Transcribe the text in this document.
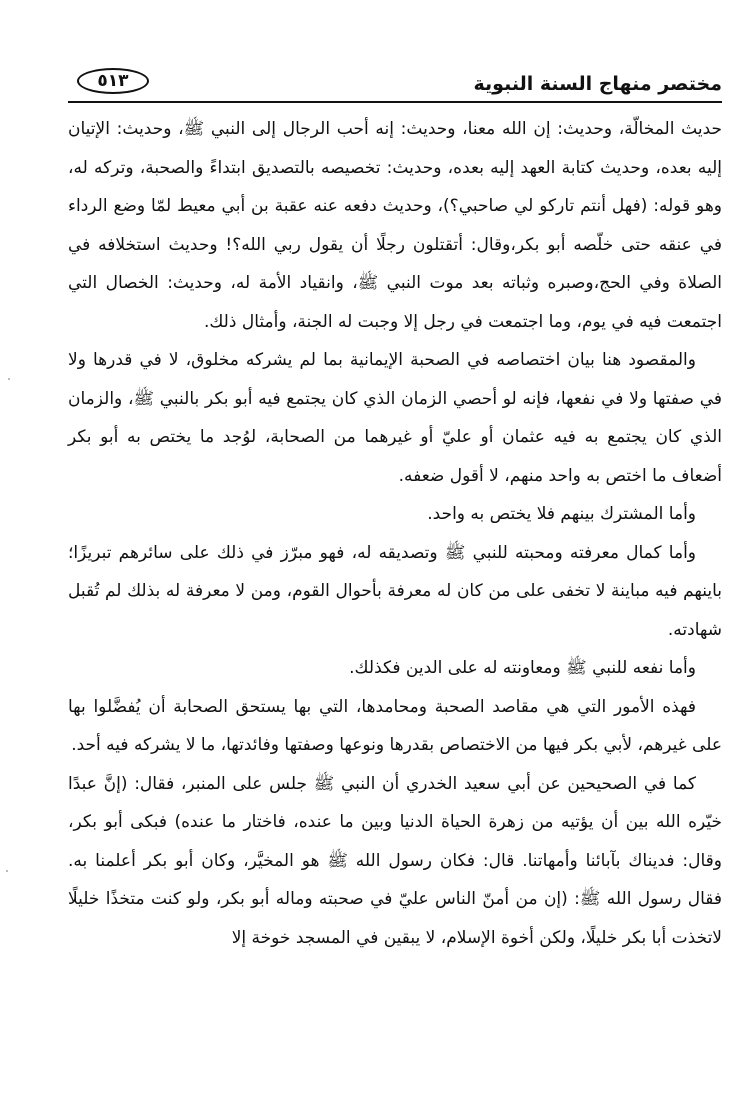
مختصر منهاج السنة النبوية
٥١٣

حديث المخالّة، وحديث: إن الله معنا، وحديث: إنه أحب الرجال إلى النبي ﷺ، وحديث: الإتيان إليه بعده، وحديث كتابة العهد إليه بعده، وحديث: تخصيصه بالتصديق ابتداءً والصحبة، وتركه له، وهو قوله: (فهل أنتم تاركو لي صاحبي؟)، وحديث دفعه عنه عقبة بن أبي معيط لمّا وضع الرداء في عنقه حتى خلّصه أبو بكر،وقال: أتقتلون رجلًا أن يقول ربي الله؟! وحديث استخلافه في الصلاة وفي الحج،وصبره وثباته بعد موت النبي ﷺ، وانقياد الأمة له، وحديث: الخصال التي اجتمعت فيه في يوم، وما اجتمعت في رجل إلا وجبت له الجنة، وأمثال ذلك.

والمقصود هنا بيان اختصاصه في الصحبة الإيمانية بما لم يشركه مخلوق، لا في قدرها ولا في صفتها ولا في نفعها، فإنه لو أحصي الزمان الذي كان يجتمع فيه أبو بكر بالنبي ﷺ، والزمان الذي كان يجتمع به فيه عثمان أو عليّ أو غيرهما من الصحابة، لوُجد ما يختص به أبو بكر أضعاف ما اختص به واحد منهم، لا أقول ضعفه.

وأما المشترك بينهم فلا يختص به واحد.

وأما كمال معرفته ومحبته للنبي ﷺ وتصديقه له، فهو مبرّز في ذلك على سائرهم تبريزًا؛ باينهم فيه مباينة لا تخفى على من كان له معرفة بأحوال القوم، ومن لا معرفة له بذلك لم تُقبل شهادته.

وأما نفعه للنبي ﷺ ومعاونته له على الدين فكذلك.

فهذه الأمور التي هي مقاصد الصحبة ومحامدها، التي بها يستحق الصحابة أن يُفضَّلوا بها على غيرهم، لأبي بكر فيها من الاختصاص بقدرها ونوعها وصفتها وفائدتها، ما لا يشركه فيه أحد.

كما في الصحيحين عن أبي سعيد الخدري أن النبي ﷺ جلس على المنبر، فقال: (إنَّ عبدًا خيّره الله بين أن يؤتيه من زهرة الحياة الدنيا وبين ما عنده، فاختار ما عنده) فبكى أبو بكر، وقال: فديناك بآبائنا وأمهاتنا. قال: فكان رسول الله ﷺ هو المخيَّر، وكان أبو بكر أعلمنا به. فقال رسول الله ﷺ: (إن من أمنّ الناس عليّ في صحبته وماله أبو بكر، ولو كنت متخذًا خليلًا لاتخذت أبا بكر خليلًا، ولكن أخوة الإسلام، لا يبقين في المسجد خوخة إلا
